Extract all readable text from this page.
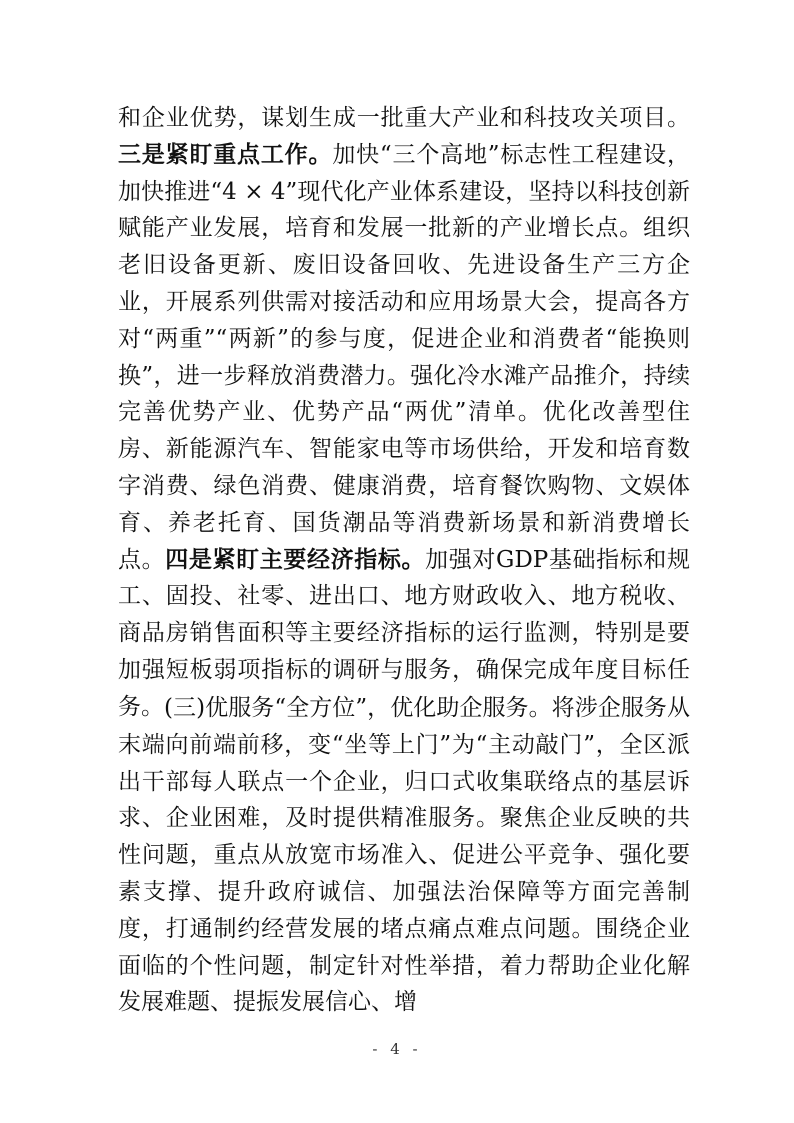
和企业优势，谋划生成一批重大产业和科技攻关项目。三是紧盯重点工作。加快“三个高地”标志性工程建设，加快推进“4 × 4”现代化产业体系建设，坚持以科技创新赋能产业发展，培育和发展一批新的产业增长点。组织老旧设备更新、废旧设备回收、先进设备生产三方企业，开展系列供需对接活动和应用场景大会，提高各方对“两重”“两新”的参与度，促进企业和消费者“能换则换”，进一步释放消费潜力。强化冷水滩产品推介，持续完善优势产业、优势产品“两优”清单。优化改善型住房、新能源汽车、智能家电等市场供给，开发和培育数字消费、绿色消费、健康消费，培育餐饮购物、文娱体育、养老托育、国货潮品等消费新场景和新消费增长点。四是紧盯主要经济指标。加强对GDP基础指标和规工、固投、社零、进出口、地方财政收入、地方税收、商品房销售面积等主要经济指标的运行监测，特别是要加强短板弱项指标的调研与服务，确保完成年度目标任务。 (三)优服务“全方位”，优化助企服务。将涉企服务从末端向前端前移，变“坐等上门”为“主动敲门”，全区派出干部每人联点一个企业，归口式收集联络点的基层诉求、企业困难，及时提供精准服务。聚焦企业反映的共性问题，重点从放宽市场准入、促进公平竞争、强化要素支撑、提升政府诚信、加强法治保障等方面完善制度，打通制约经营发展的堵点痛点难点问题。围绕企业面临的个性问题，制定针对性举措，着力帮助企业化解发展难题、提振发展信心、增
- 4 -
